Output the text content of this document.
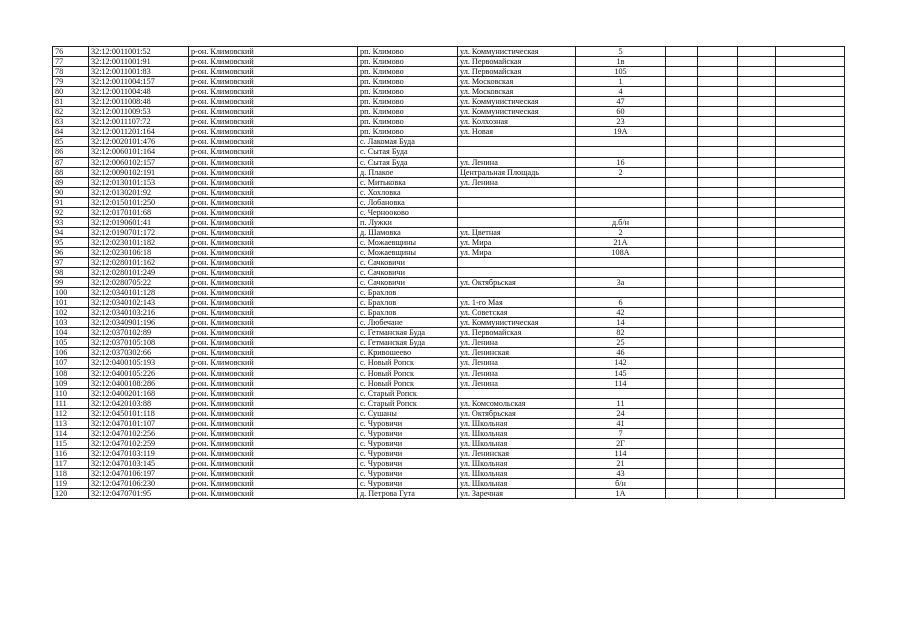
76	32:12:0011001:52	р-он. Климовский	рп. Климово	ул. Коммунистическая	5				
77	32:12:0011001:91	р-он. Климовский	рп. Климово	ул. Первомайская	1в				
78	32:12:0011001:83	р-он. Климовский	рп. Климово	ул. Первомайская	105				
79	32:12:0011004:157	р-он. Климовский	рп. Климово	ул. Московская	1				
80	32:12:0011004:48	р-он. Климовский	рп. Климово	ул. Московская	4				
81	32:12:0011008:48	р-он. Климовский	рп. Климово	ул. Коммунистическая	47				
82	32:12:0011009:53	р-он. Климовский	рп. Климово	ул. Коммунистическая	60				
83	32:12:0011107:72	р-он. Климовский	рп. Климово	ул. Колхозная	23				
84	32:12:0011201:164	р-он. Климовский	рп. Климово	ул. Новая	19А				
85	32:12:0020101:476	р-он. Климовский	с. Лакомая Буда						
86	32:12:0060101:164	р-он. Климовский	с. Сытая Буда						
87	32:12:0060102:157	р-он. Климовский	с. Сытая Буда	ул. Ленина	16				
88	32:12:0090102:191	р-он. Климовский	д. Плакое	Центральная Площадь	2				
89	32:12:0130101:153	р-он. Климовский	с. Митьковка	ул. Ленина					
90	32:12:0130201:92	р-он. Климовский	с. Хохловка						
91	32:12:0150101:250	р-он. Климовский	с. Лобановка						
92	32:12:0170101:68	р-он. Климовский	с. Чернооково						
93	32:12:0190601:41	р-он. Климовский	п. Лужки		д.б/н				
94	32:12:0190701:172	р-он. Климовский	д. Шамовка	ул. Цветная	2				
95	32:12:0230101:182	р-он. Климовский	с. Можаевщины	ул. Мира	21А				
96	32:12:0230106:18	р-он. Климовский	с. Можаевщины	ул. Мира	108А				
97	32:12:0280101:162	р-он. Климовский	с. Сачковичи						
98	32:12:0280101:249	р-он. Климовский	с. Сачковичи						
99	32:12:0280705:22	р-он. Климовский	с. Сачковичи	ул. Октябрьская	3а				
100	32:12:0340101:128	р-он. Климовский	с. Брахлов						
101	32:12:0340102:143	р-он. Климовский	с. Брахлов	ул. 1-го Мая	6				
102	32:12:0340103:216	р-он. Климовский	с. Брахлов	ул. Советская	42				
103	32:12:0340901:196	р-он. Климовский	с. Любечане	ул. Коммунистическая	14				
104	32:12:0370102:89	р-он. Климовский	с. Гетманская Буда	ул. Первомайская	82				
105	32:12:0370105:108	р-он. Климовский	с. Гетманская Буда	ул. Ленина	25				
106	32:12:0370302:66	р-он. Климовский	с. Кривошеево	ул. Ленинская	46				
107	32:12:0400105:193	р-он. Климовский	с. Новый Ропск	ул. Ленина	142				
108	32:12:0400105:226	р-он. Климовский	с. Новый Ропск	ул. Ленина	145				
109	32:12:0400108:286	р-он. Климовский	с. Новый Ропск	ул. Ленина	114				
110	32:12:0400201:168	р-он. Климовский	с. Старый Ропск						
111	32:12:0420103:88	р-он. Климовский	с. Старый Ропск	ул. Комсомольская	11				
112	32:12:0450101:118	р-он. Климовский	с. Сушаны	ул. Октябрьская	24				
113	32:12:0470101:107	р-он. Климовский	с. Чуровичи	ул. Школьная	41				
114	32:12:0470102:256	р-он. Климовский	с. Чуровичи	ул. Школьная	7				
115	32:12:0470102:259	р-он. Климовский	с. Чуровичи	ул. Школьная	2Г				
116	32:12:0470103:119	р-он. Климовский	с. Чуровичи	ул. Ленинская	114				
117	32:12:0470103:145	р-он. Климовский	с. Чуровичи	ул. Школьная	21				
118	32:12:0470106:197	р-он. Климовский	с. Чуровичи	ул. Школьная	43				
119	32:12:0470106:230	р-он. Климовский	с. Чуровичи	ул. Школьная	б/н				
120	32:12:0470701:95	р-он. Климовский	д. Петрова Гута	ул. Заречная	1А				
